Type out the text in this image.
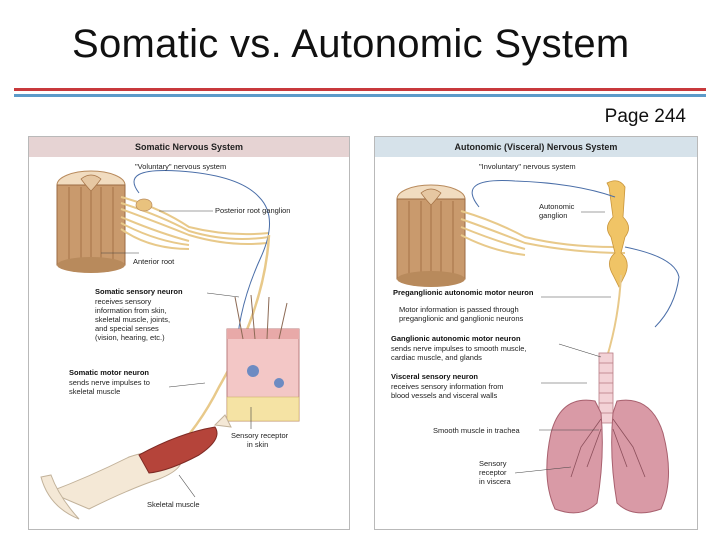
Somatic vs. Autonomic System
Page 244
Somatic Nervous System
"Voluntary" nervous system
Posterior root ganglion
Anterior root
Somatic sensory neuron
receives sensory
information from skin,
skeletal muscle, joints,
and special senses
(vision, hearing, etc.)
Somatic motor neuron
sends nerve impulses to
skeletal muscle
Sensory receptor
in skin
Skeletal muscle
Autonomic (Visceral) Nervous System
"Involuntary" nervous system
Autonomic
ganglion
Preganglionic autonomic motor neuron
Motor information is passed through
preganglionic and ganglionic neurons
Ganglionic autonomic motor neuron
sends nerve impulses to smooth muscle,
cardiac muscle, and glands
Visceral sensory neuron
receives sensory information from
blood vessels and visceral walls
Smooth muscle in trachea
Sensory
receptor
in viscera
